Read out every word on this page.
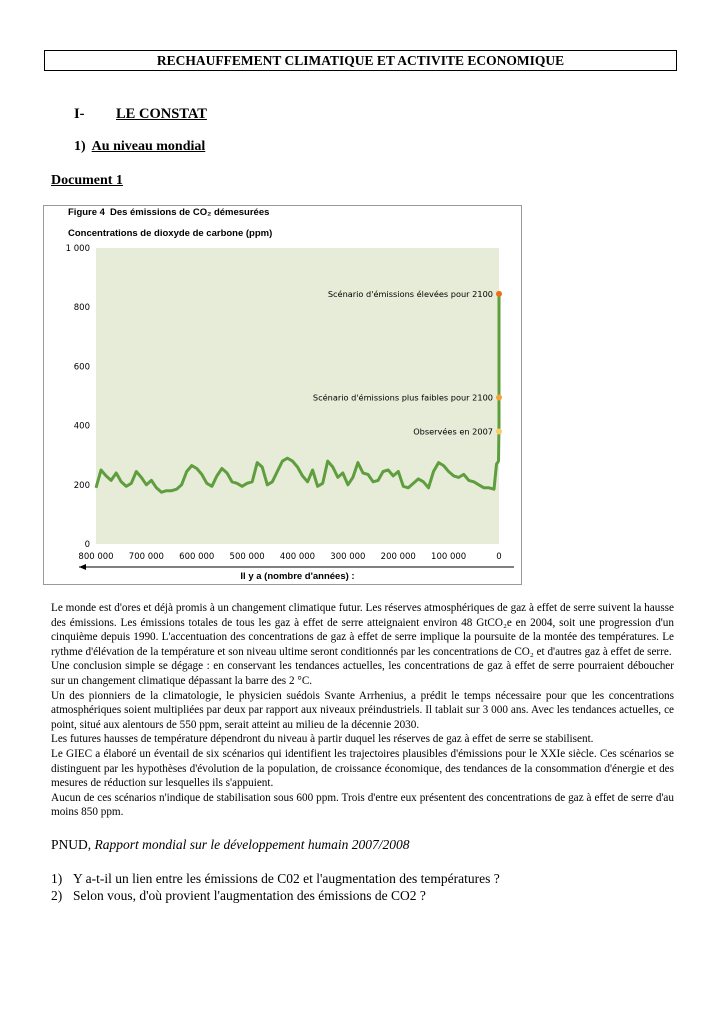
RECHAUFFEMENT CLIMATIQUE ET ACTIVITE ECONOMIQUE
I- LE CONSTAT
1) Au niveau mondial
Document 1
Figure 4 Des émissions de CO₂ démesurées
Concentrations de dioxyde de carbone (ppm)
1 000
800
600
400
200
0
800 000 700 000 600 000 500 000 400 000 300 000 200 000 100 000	0
Scénario d'émissions élevées pour 2100
Scénario d'émissions plus faibles pour 2100
Observées en 2007
Il y a (nombre d'années) :

Le monde est d'ores et déjà promis à un changement climatique futur. Les réserves atmosphériques de gaz à effet de serre suivent la hausse des émissions. Les émissions totales de tous les gaz à effet de serre atteignaient environ 48 GtCO₂e en 2004, soit une progression d'un cinquième depuis 1990. L'accentuation des concentrations de gaz à effet de serre implique la poursuite de la montée des températures. Le rythme d'élévation de la température et son niveau ultime seront conditionnés par les concentrations de CO₂ et d'autres gaz à effet de serre.

Une conclusion simple se dégage : en conservant les tendances actuelles, les concentrations de gaz à effet de serre pourraient déboucher sur un changement climatique dépassant la barre des 2 °C.

Un des pionniers de la climatologie, le physicien suédois Svante Arrhenius, a prédit le temps nécessaire pour que les concentrations atmosphériques soient multipliées par deux par rapport aux niveaux préindustriels. Il tablait sur 3 000 ans. Avec les tendances actuelles, ce point, situé aux alentours de 550 ppm, serait atteint au milieu de la décennie 2030.

Les futures hausses de température dépendront du niveau à partir duquel les réserves de gaz à effet de serre se stabilisent.

Le GIEC a élaboré un éventail de six scénarios qui identifient les trajectoires plausibles d'émissions pour le XXIe siècle. Ces scénarios se distinguent par les hypothèses d'évolution de la population, de croissance économique, des tendances de la consommation d'énergie et des mesures de réduction sur lesquelles ils s'appuient.

Aucun de ces scénarios n'indique de stabilisation sous 600 ppm. Trois d'entre eux présentent des concentrations de gaz à effet de serre d'au moins 850 ppm.

PNUD, Rapport mondial sur le développement humain 2007/2008
1) Y a-t-il un lien entre les émissions de C02 et l'augmentation des températures ?
2) Selon vous, d'où provient l'augmentation des émissions de CO2 ?
